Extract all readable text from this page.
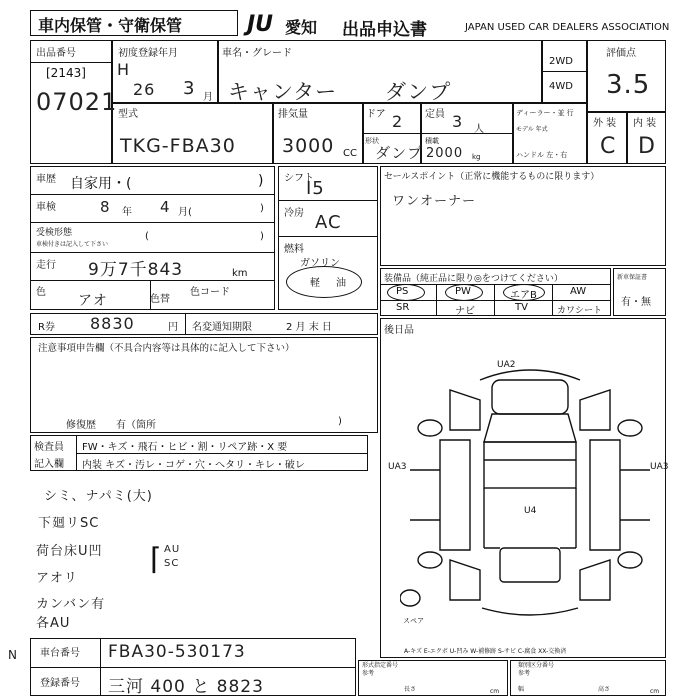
車内保管・守衛保管	JU 愛知 出品申込書	JAPAN USED CAR DEALERS ASSOCIATION
出品番号
[2143]
07021
初度登録年月
H
26 3 月
車名・グレード
キャンター ダンプ
2WD
4WD
評価点
3.5
型式
TKG-FBA30
排気量
3000 CC
ドア 2 定員 3 人
形状
ダンプ
積載
2000 kg
ディーラー・並 行
モデル 年式
ハンドル 左・右
外 装 内 装
C D
車歴 自家用・(	)
車検	8 年 4 月(	)
受検形態
車検付きは記入して下さい
(	)
走行 9万7千843	km
色
アオ	色替
色コード
シフト
I5
冷房 AC
燃料
ガソリン
軽 油
セールスポイント（正常に機能するものに限ります）
ワンオーナー
装備品（純正品に限り◎をつけてください）
PS	PW	エアB	AW
SR	ナビ	TV	カワシート
新車保証書
有・無
R券 8830	円 名変通知期限	2 月 末 日
注意事項申告欄（不具合内容等は具体的に記入して下さい）
修復歴 有（箇所	)
検査員
記入欄
FW・キズ・飛石・ヒビ・割・リペア跡・X 要
内装 キズ・汚レ・コゲ・穴・へタリ・キレ・破レ
シミ、ナパミ(大)
下廻リSC
荷台床U凹
アオリ
カンバン有
各AU
⌈ AU
SC
後日品
UA2
UA3	UA3
U4
スペア
A-キズ E-エクボ U-凹み W-補修跡 S-サビ C-腐食 XX-交換済
N 車台番号 FBA30-530173
登録番号 三河 400 と 8823
形式指定番号 参考
長さ	cm
類別区分番号 参考
幅	高さ	cm
